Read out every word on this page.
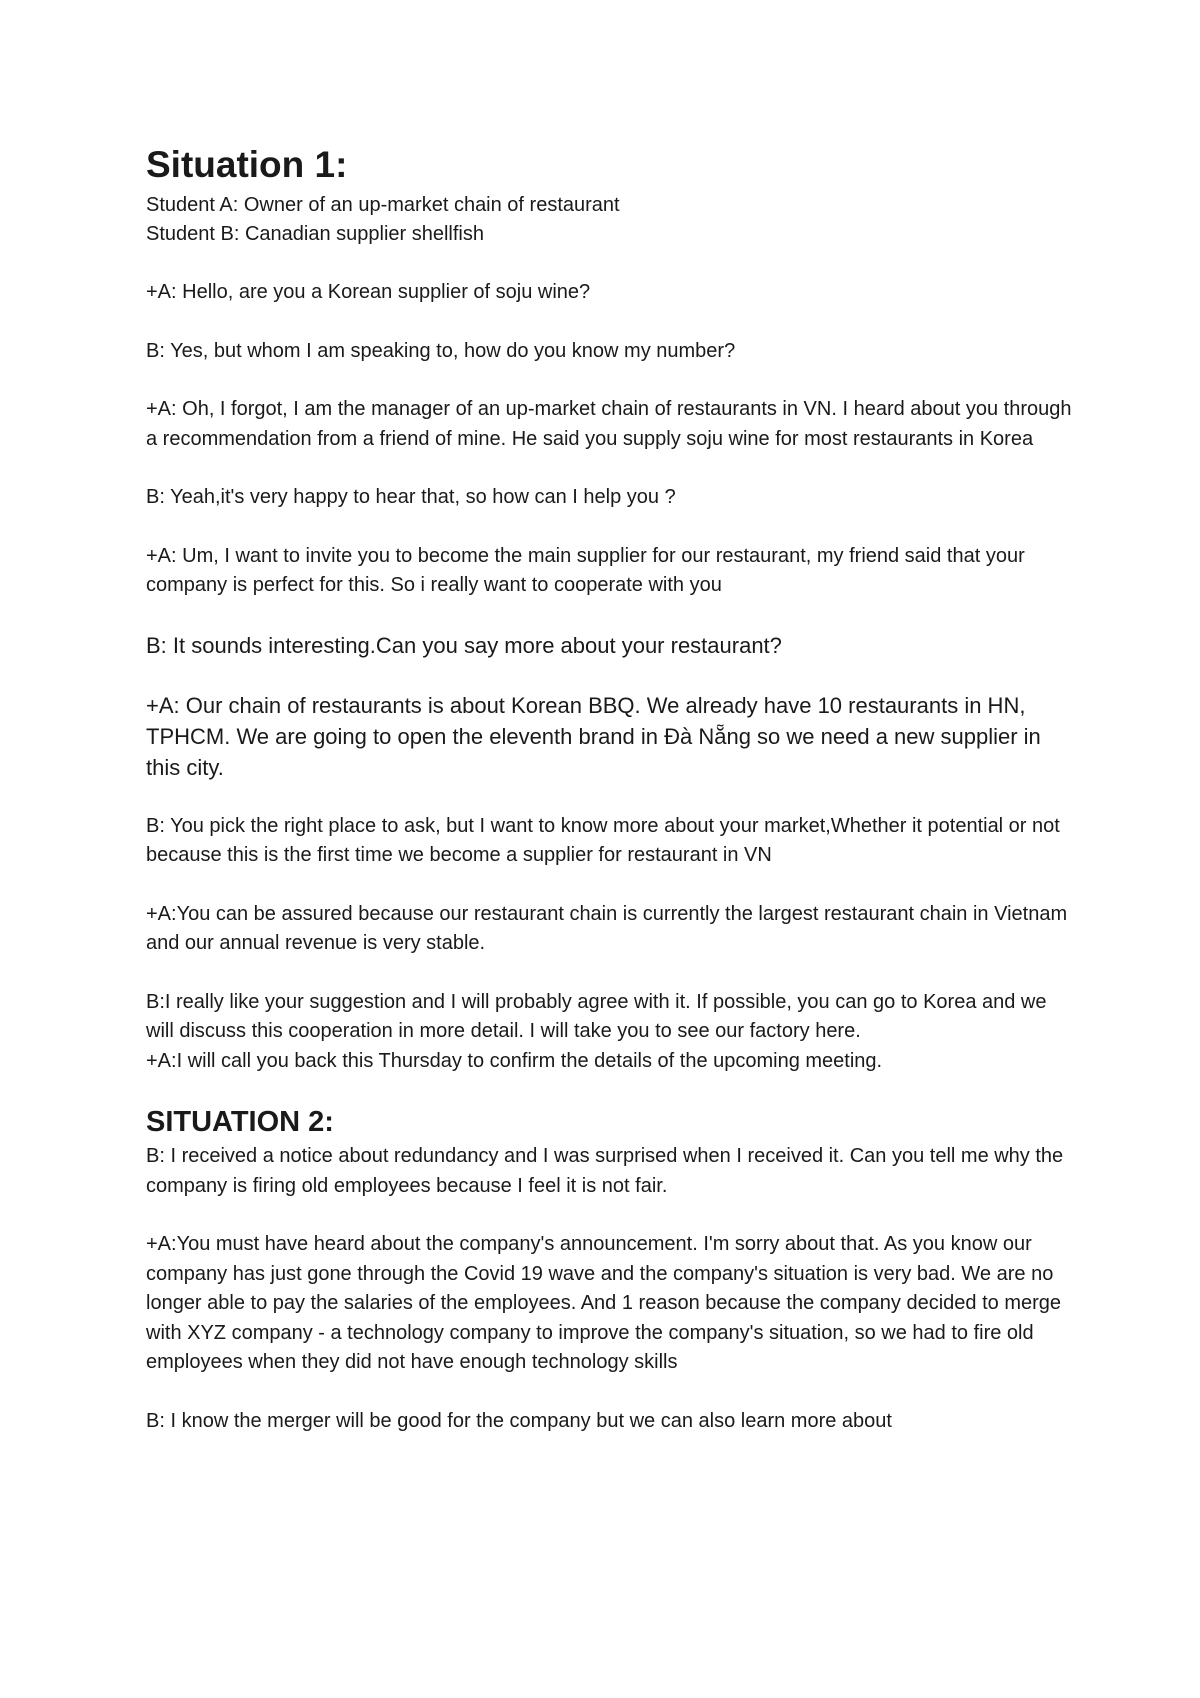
Situation 1:

Student A: Owner of an up-market chain of restaurant

Student B: Canadian supplier shellfish

+A: Hello, are you a Korean supplier of soju wine?

B: Yes, but whom I am speaking to, how do you know my number?

+A: Oh, I forgot, I am the manager of an up-market chain of restaurants in VN. I heard about you through a recommendation from a friend of mine. He said you supply soju wine for most restaurants in Korea

B: Yeah,it's very happy to hear that, so how can I help you ?

+A: Um, I want to invite you to become the main supplier for our restaurant, my friend said that your company is perfect for this. So i really want to cooperate with you

B: It sounds interesting.Can you say more about your restaurant?

+A: Our chain of restaurants is about Korean BBQ. We already have 10 restaurants in HN, TPHCM. We are going to open the eleventh brand in Đà Nẵng so we need a new supplier in this city.

B: You pick the right place to ask, but I want to know more about your market,Whether it potential or not because this is the first time we become a supplier for restaurant in VN

+A:You can be assured because our restaurant chain is currently the largest restaurant chain in Vietnam and our annual revenue is very stable.

B:I really like your suggestion and I will probably agree with it. If possible, you can go to Korea and we will discuss this cooperation in more detail. I will take you to see our factory here.

+A:I will call you back this Thursday to confirm the details of the upcoming meeting.

SITUATION 2:

B: I received a notice about redundancy and I was surprised when I received it. Can you tell me why the company is firing old employees because I feel it is not fair.

+A:You must have heard about the company's announcement. I'm sorry about that. As you know our company has just gone through the Covid 19 wave and the company's situation is very bad. We are no longer able to pay the salaries of the employees. And 1 reason because the company decided to merge with XYZ company - a technology company to improve the company's situation, so we had to fire old employees when they did not have enough technology skills

B: I know the merger will be good for the company but we can also learn more about
